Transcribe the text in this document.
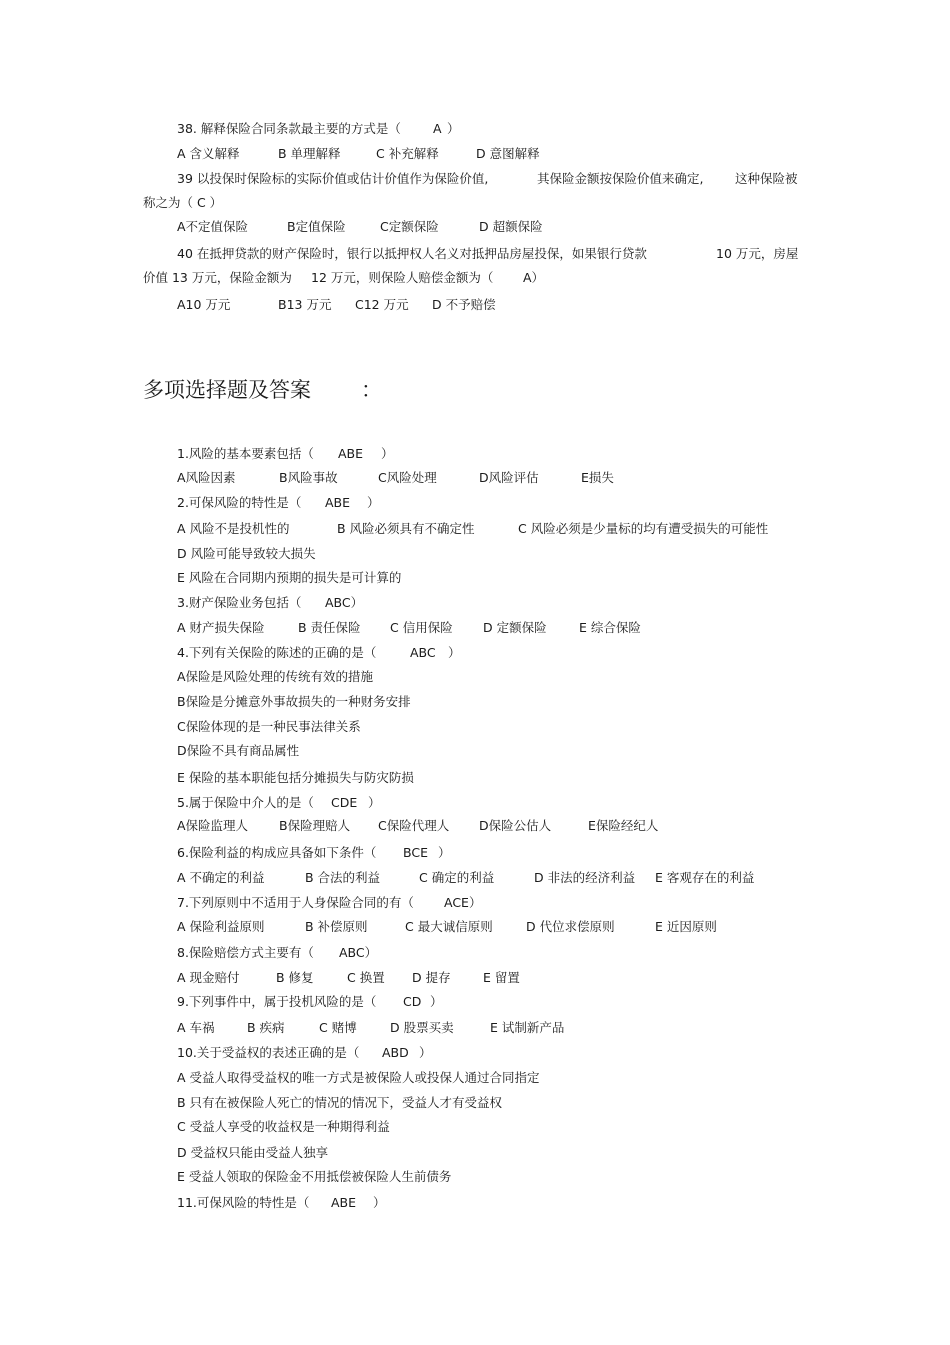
38. 解释保险合同条款最主要的方式是（	A ）
A 含义解释	B 单理解释	C 补充解释	D 意图解释
39 以投保时保险标的实际价值或估计价值作为保险价值,	其保险金额按保险价值来确定,	这种保险被
称之为（ C ）
A不定值保险	B定值保险	C定额保险	D 超额保险
40 在抵押贷款的财产保险时，银行以抵押权人名义对抵押品房屋投保，如果银行贷款	10 万元，房屋
价值 13 万元，保险金额为 12 万元，则保险人赔偿金额为（ A）
A10 万元	B13 万元 C12 万元 D 不予赔偿
多项选择题及答案 ：
1.风险的基本要素包括（ ABE ）
A风险因素	B风险事故	C风险处理	D风险评估	E损失
2.可保风险的特性是（ ABE ）
A 风险不是投机性的	B 风险必须具有不确定性	C 风险必须是少量标的均有遭受损失的可能性
D 风险可能导致较大损失
E 风险在合同期内预期的损失是可计算的
3.财产保险业务包括（ ABC）
A 财产损失保险	B 责任保险 C 信用保险 D 定额保险	E 综合保险
4.下列有关保险的陈述的正确的是（	ABC ）
A保险是风险处理的传统有效的措施
B保险是分摊意外事故损失的一种财务安排
C保险体现的是一种民事法律关系
D保险不具有商品属性
E 保险的基本职能包括分摊损失与防灾防损
5.属于保险中介人的是（ CDE ）
A保险监理人 B保险理赔人 C保险代理人 D保险公估人	E保险经纪人
6.保险利益的构成应具备如下条件（ BCE ）
A 不确定的利益	B 合法的利益	C 确定的利益	D 非法的经济利益 E 客观存在的利益
7.下列原则中不适用于人身保险合同的有（ ACE）
A 保险利益原则	B 补偿原则	C 最大诚信原则	D 代位求偿原则	E 近因原则
8.保险赔偿方式主要有（ ABC）
A 现金赔付	B 修复	C 换置 D 提存	E 留置
9.下列事件中，属于投机风险的是（ CD ）
A 车祸	B 疾病	C 赌博	D 股票买卖	E 试制新产品
10.关于受益权的表述正确的是（ ABD ）
A 受益人取得受益权的唯一方式是被保险人或投保人通过合同指定
B 只有在被保险人死亡的情况的情况下，受益人才有受益权
C 受益人享受的收益权是一种期得利益
D 受益权只能由受益人独享
E 受益人领取的保险金不用抵偿被保险人生前债务
11.可保风险的特性是（ ABE ）
